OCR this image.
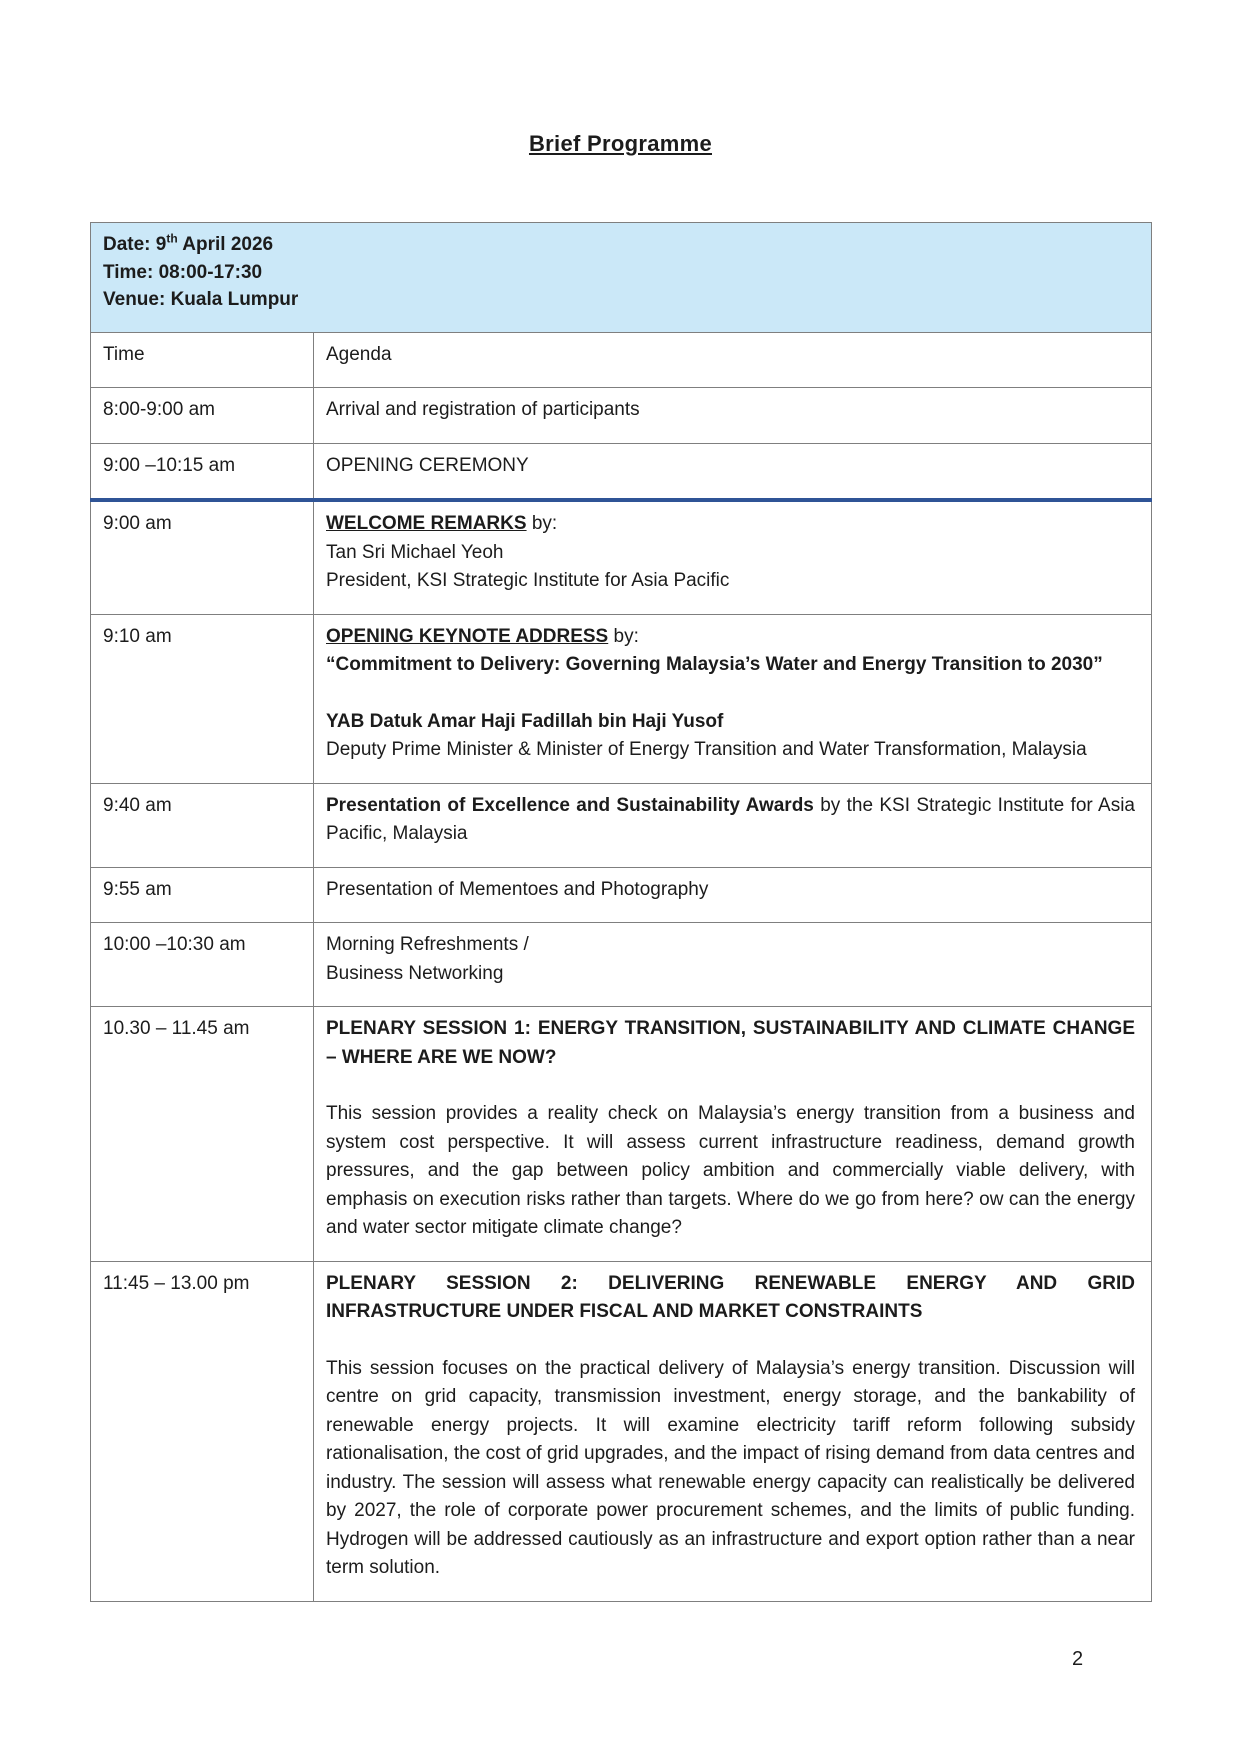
Brief Programme
Date: 9th April 2026
Time: 08:00-17:30
Venue: Kuala Lumpur	

Time	Agenda
8:00-9:00 am	Arrival and registration of participants
9:00 –10:15 am	OPENING CEREMONY
9:00 am	WELCOME REMARKS by:

Tan Sri Michael Yeoh

President, KSI Strategic Institute for Asia Pacific

9:10 am	OPENING KEYNOTE ADDRESS by:

“Commitment to Delivery: Governing Malaysia’s Water and Energy Transition to 2030”

YAB Datuk Amar Haji Fadillah bin Haji Yusof

Deputy Prime Minister & Minister of Energy Transition and Water Transformation, Malaysia

9:40 am	Presentation of Excellence and Sustainability Awards by the KSI Strategic Institute for Asia Pacific, Malaysia
9:55 am	Presentation of Mementoes and Photography
10:00 –10:30 am	Morning Refreshments /

Business Networking

10.30 – 11.45 am	PLENARY SESSION 1: ENERGY TRANSITION, SUSTAINABILITY AND CLIMATE CHANGE – WHERE ARE WE NOW?

This session provides a reality check on Malaysia’s energy transition from a business and system cost perspective. It will assess current infrastructure readiness, demand growth pressures, and the gap between policy ambition and commercially viable delivery, with emphasis on execution risks rather than targets. Where do we go from here? ow can the energy and water sector mitigate climate change?

11:45 – 13.00 pm	PLENARY SESSION 2: DELIVERING RENEWABLE ENERGY AND GRID INFRASTRUCTURE UNDER FISCAL AND MARKET CONSTRAINTS

This session focuses on the practical delivery of Malaysia’s energy transition. Discussion will centre on grid capacity, transmission investment, energy storage, and the bankability of renewable energy projects. It will examine electricity tariff reform following subsidy rationalisation, the cost of grid upgrades, and the impact of rising demand from data centres and industry. The session will assess what renewable energy capacity can realistically be delivered by 2027, the role of corporate power procurement schemes, and the limits of public funding. Hydrogen will be addressed cautiously as an infrastructure and export option rather than a near term solution.

2
